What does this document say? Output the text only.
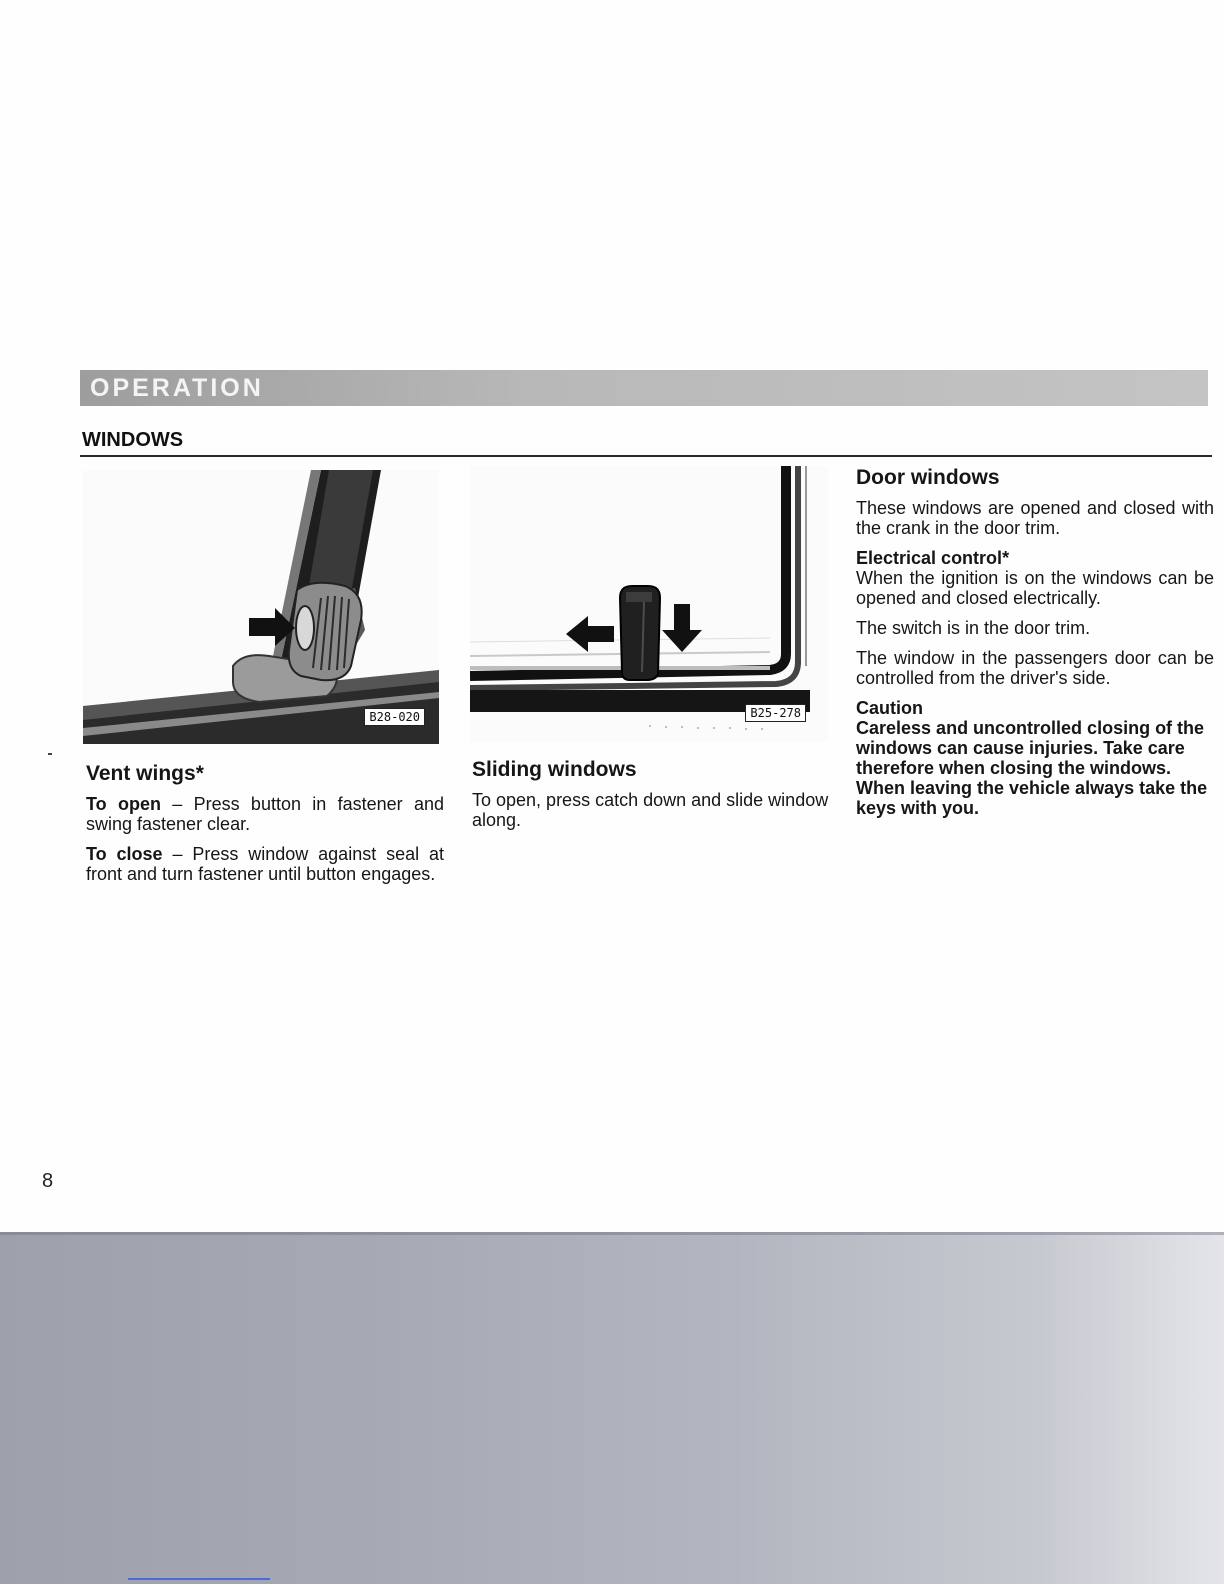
OPERATION
WINDOWS
B28-020	B25-278
Vent wings*

To open – Press button in fastener and swing fastener clear.

To close – Press window against seal at front and turn fastener until button engages.

Sliding windows

To open, press catch down and slide window along.

Door windows

These windows are opened and closed with the crank in the door trim.

Electrical control*
When the ignition is on the windows can be opened and closed electrically.

The switch is in the door trim.

The window in the passengers door can be controlled from the driver's side.

Caution
Careless and uncontrolled closing of the windows can cause injuries. Take care therefore when closing the windows. When leaving the vehicle always take the keys with you.

8
